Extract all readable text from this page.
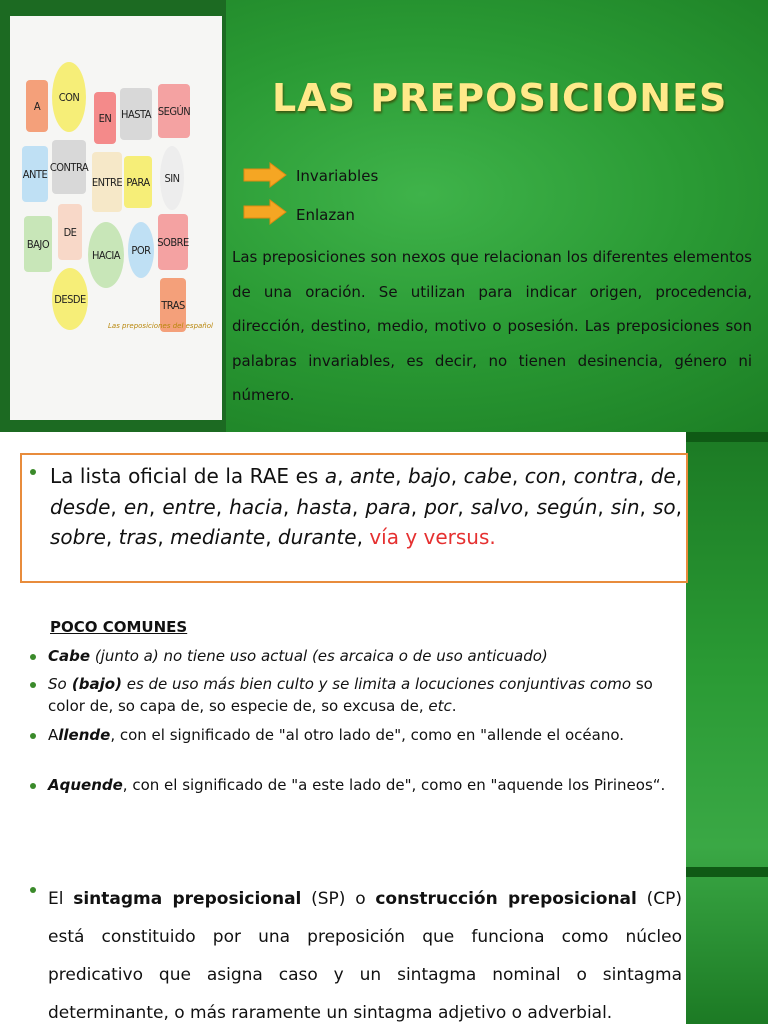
A
CON
EN HASTA SEGÚN
ANTE
CONTRA
ENTRE PARA	SIN
BAJO
DE
HACIA	POR
SOBRE
DESDE	TRAS
Las preposiciones del español
LAS PREPOSICIONES
Invariables
Enlazan
Las preposiciones son nexos que relacionan los diferentes elementos de una oración. Se utilizan para indicar origen, procedencia, dirección, destino, medio, motivo o posesión. Las preposiciones son palabras invariables, es decir, no tienen desinencia, género ni número.
La lista oficial de la RAE es a, ante, bajo, cabe, con, contra, de, desde, en, entre, hacia, hasta, para, por, salvo, según, sin, so, sobre, tras, mediante, durante, vía y versus.
POCO COMUNES
Cabe (junto a) no tiene uso actual (es arcaica o de uso anticuado)
So (bajo) es de uso más bien culto y se limita a locuciones conjuntivas como so color de, so capa de, so especie de, so excusa de, etc.
Allende, con el significado de "al otro lado de", como en "allende el océano.
Aquende, con el significado de "a este lado de", como en "aquende los Pirineos“.
El sintagma preposicional (SP) o construcción preposicional (CP) está constituido por una preposición que funciona como núcleo predicativo que asigna caso y un sintagma nominal o sintagma determinante, o más raramente un sintagma adjetivo o adverbial.
